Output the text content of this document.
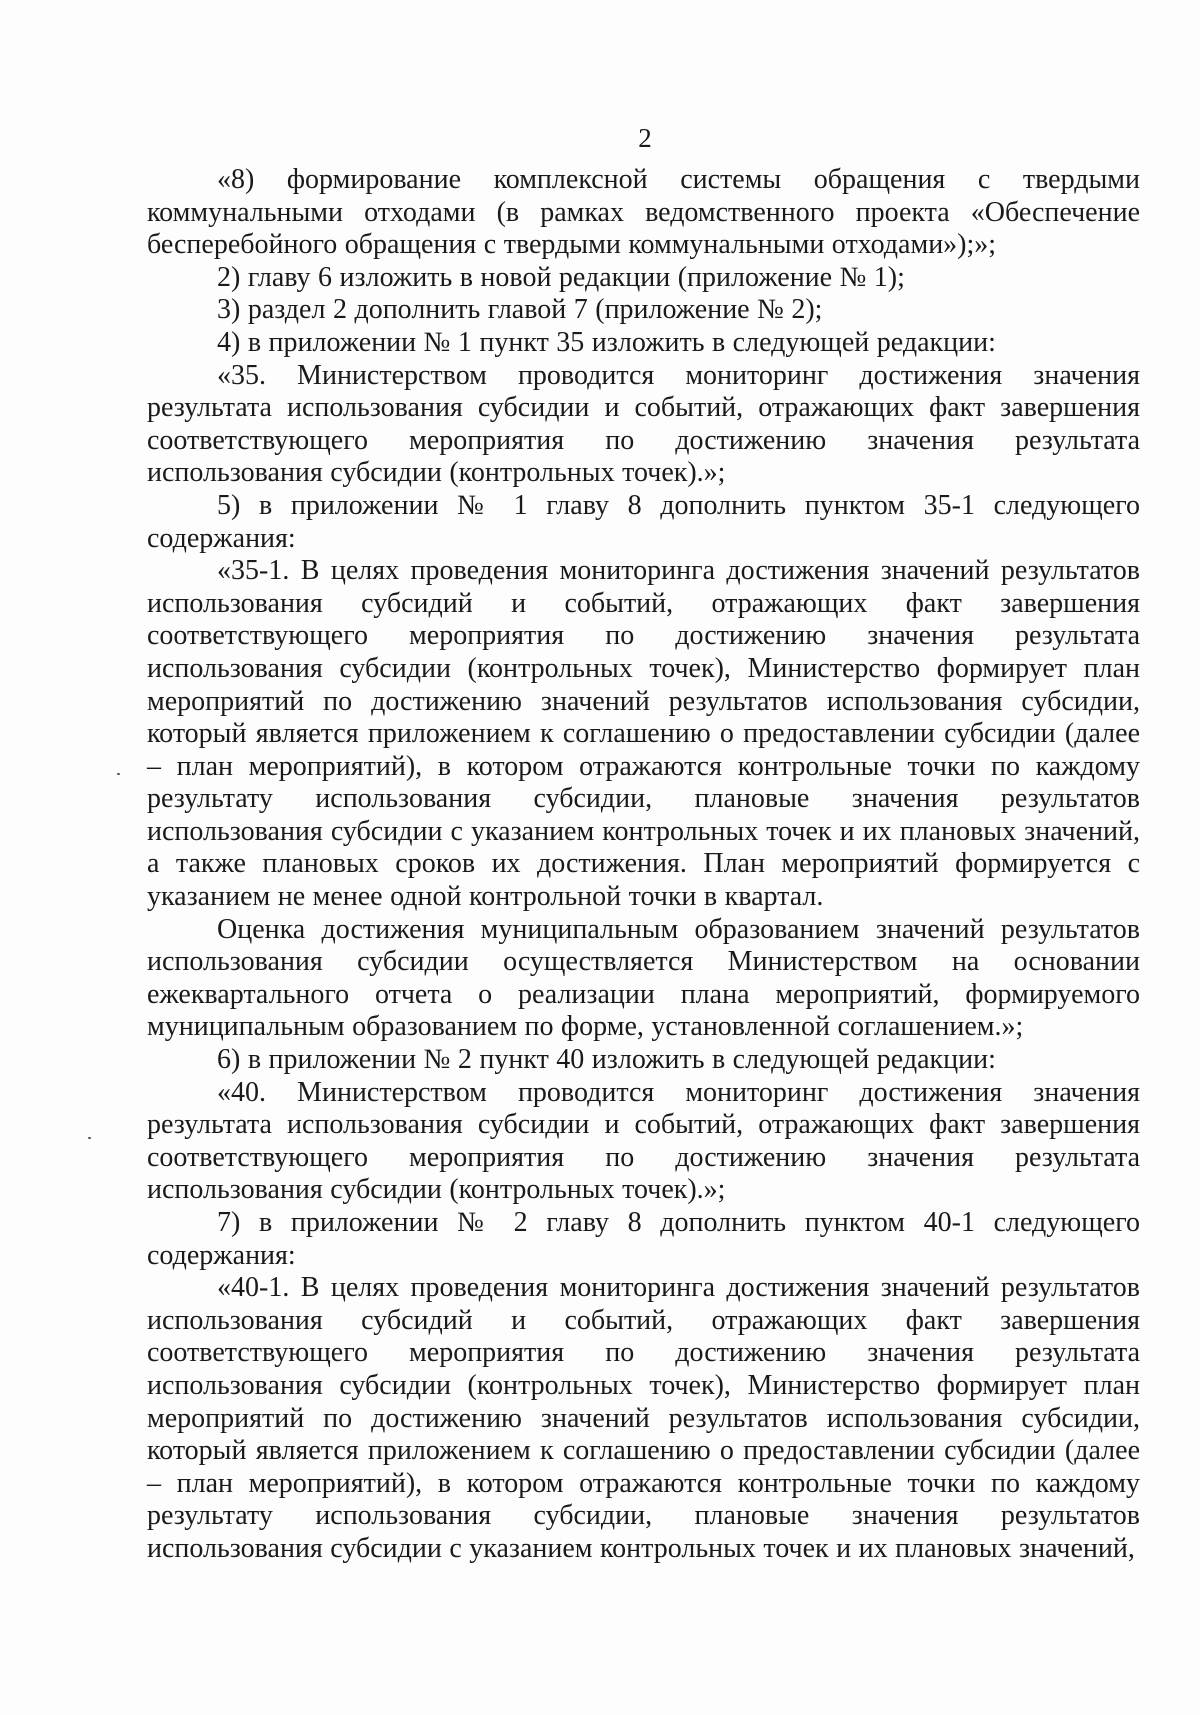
2

«8) формирование комплексной системы обращения с твердыми коммунальными отходами (в рамках ведомственного проекта «Обеспечение бесперебойного обращения с твердыми коммунальными отходами»);»;

2) главу 6 изложить в новой редакции (приложение № 1);

3) раздел 2 дополнить главой 7 (приложение № 2);

4) в приложении № 1 пункт 35 изложить в следующей редакции:

«35. Министерством проводится мониторинг достижения значения результата использования субсидии и событий, отражающих факт завершения соответствующего мероприятия по достижению значения результата использования субсидии (контрольных точек).»;

5) в приложении № 1 главу 8 дополнить пунктом 35-1 следующего содержания:

«35-1. В целях проведения мониторинга достижения значений результатов использования субсидий и событий, отражающих факт завершения соответствующего мероприятия по достижению значения результата использования субсидии (контрольных точек), Министерство формирует план мероприятий по достижению значений результатов использования субсидии, который является приложением к соглашению о предоставлении субсидии (далее – план мероприятий), в котором отражаются контрольные точки по каждому результату использования субсидии, плановые значения результатов использования субсидии с указанием контрольных точек и их плановых значений, а также плановых сроков их достижения. План мероприятий формируется с указанием не менее одной контрольной точки в квартал.

Оценка достижения муниципальным образованием значений результатов использования субсидии осуществляется Министерством на основании ежеквартального отчета о реализации плана мероприятий, формируемого муниципальным образованием по форме, установленной соглашением.»;

6) в приложении № 2 пункт 40 изложить в следующей редакции:

«40. Министерством проводится мониторинг достижения значения результата использования субсидии и событий, отражающих факт завершения соответствующего мероприятия по достижению значения результата использования субсидии (контрольных точек).»;

7) в приложении № 2 главу 8 дополнить пунктом 40-1 следующего содержания:

«40-1. В целях проведения мониторинга достижения значений результатов использования субсидий и событий, отражающих факт завершения соответствующего мероприятия по достижению значения результата использования субсидии (контрольных точек), Министерство формирует план мероприятий по достижению значений результатов использования субсидии, который является приложением к соглашению о предоставлении субсидии (далее – план мероприятий), в котором отражаются контрольные точки по каждому результату использования субсидии, плановые значения результатов использования субсидии с указанием контрольных точек и их плановых значений,
